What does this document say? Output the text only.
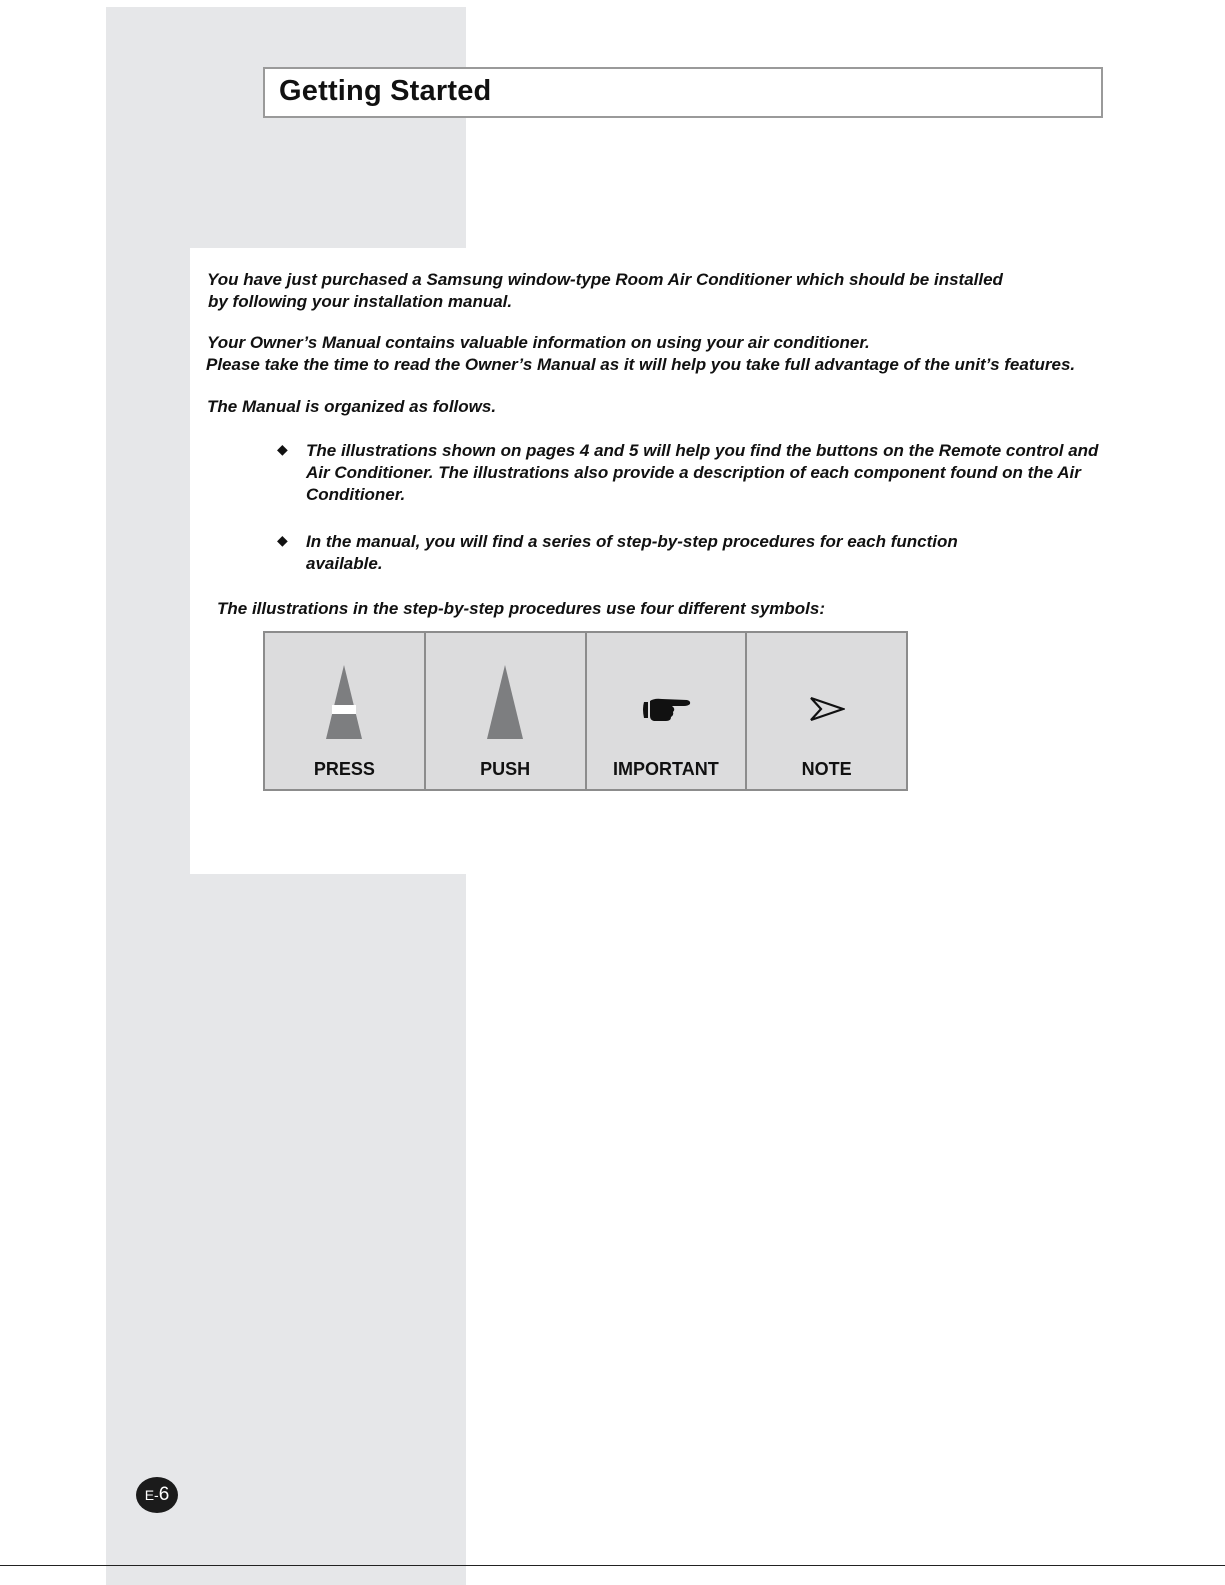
Getting Started

You have just purchased a Samsung window-type Room Air Conditioner which should be installed

by following your installation manual.

Your Owner’s Manual contains valuable information on using your air conditioner.

Please take the time to read the Owner’s Manual as it will help you take full advantage of the unit’s features.

The Manual is organized as follows.

◆ The illustrations shown on pages 4 and 5 will help you find the buttons on the Remote control and Air Conditioner. The illustrations also provide a description of each component found on the Air Conditioner.

◆ In the manual, you will find a series of step-by-step procedures for each function available.

The illustrations in the step-by-step procedures use four different symbols:

PRESS	PUSH	IMPORTANT	NOTE
E-6
